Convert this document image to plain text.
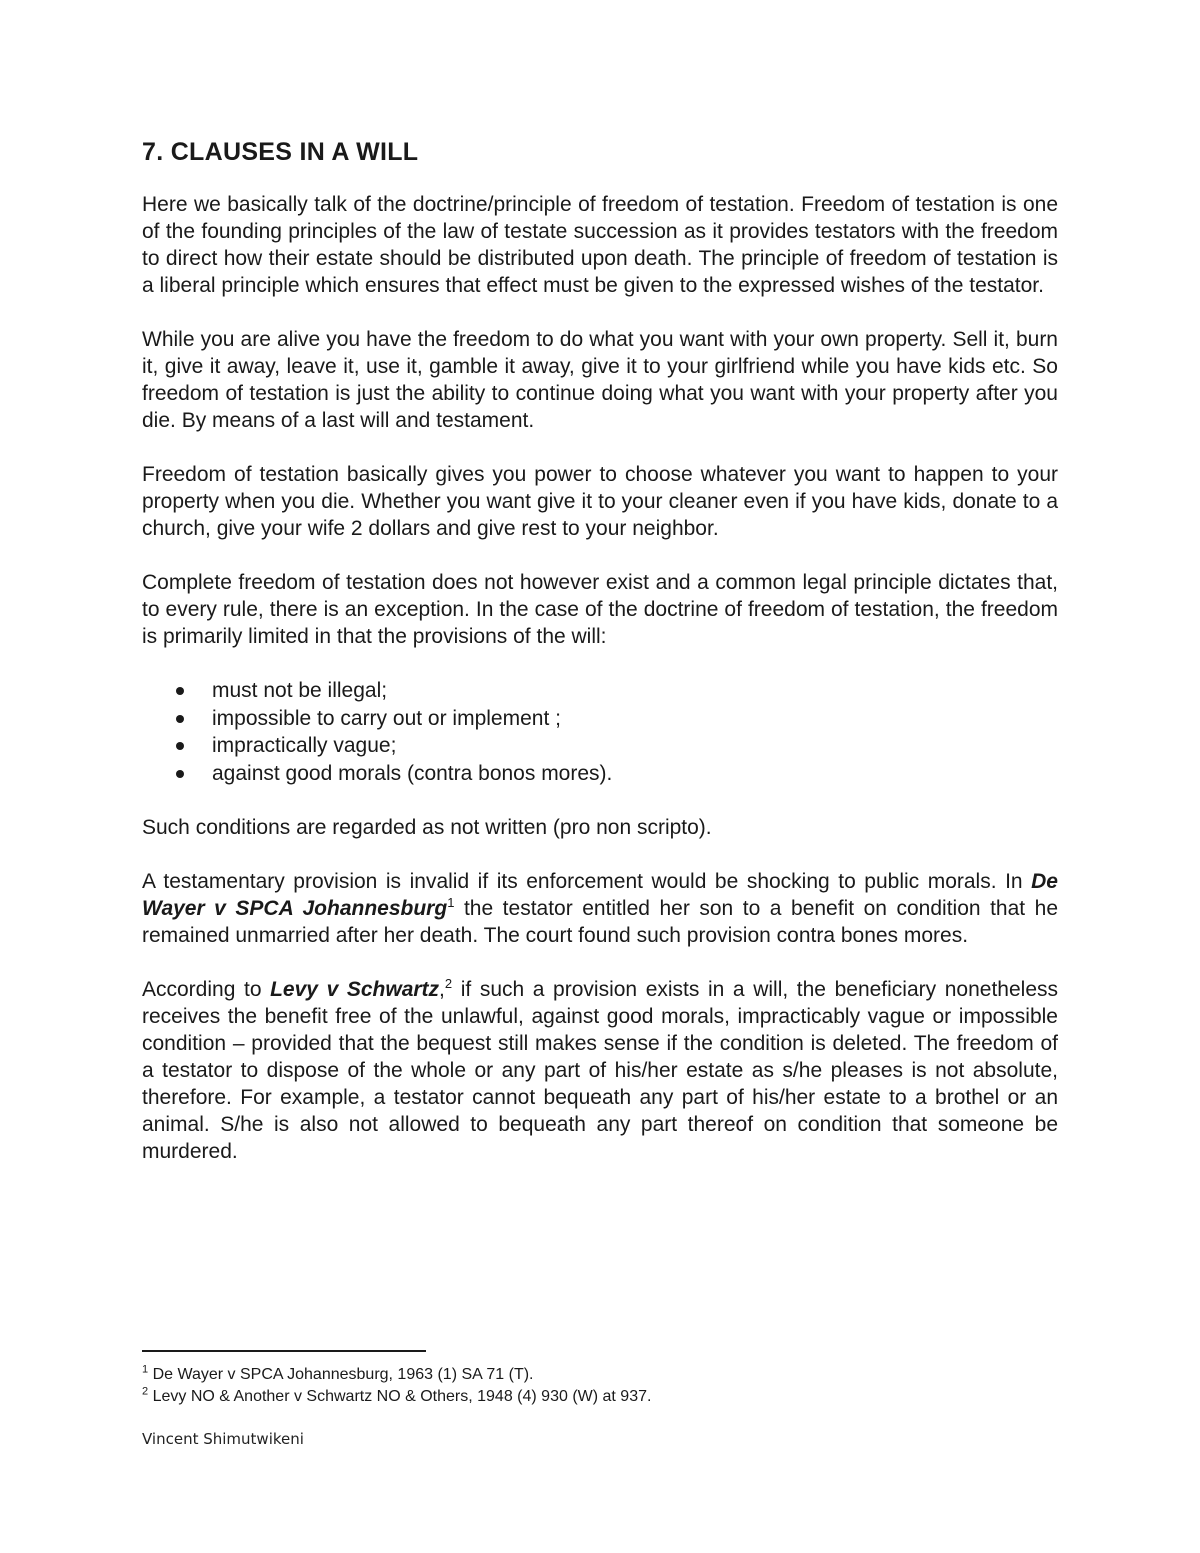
7. CLAUSES IN A WILL

Here we basically talk of the doctrine/principle of freedom of testation. Freedom of testation is one of the founding principles of the law of testate succession as it provides testators with the freedom to direct how their estate should be distributed upon death. The principle of freedom of testation is a liberal principle which ensures that effect must be given to the expressed wishes of the testator.

While you are alive you have the freedom to do what you want with your own property. Sell it, burn it, give it away, leave it, use it, gamble it away, give it to your girlfriend while you have kids etc. So freedom of testation is just the ability to continue doing what you want with your property after you die. By means of a last will and testament.

Freedom of testation basically gives you power to choose whatever you want to happen to your property when you die. Whether you want give it to your cleaner even if you have kids, donate to a church, give your wife 2 dollars and give rest to your neighbor.

Complete freedom of testation does not however exist and a common legal principle dictates that, to every rule, there is an exception. In the case of the doctrine of freedom of testation, the freedom is primarily limited in that the provisions of the will:

must not be illegal;
impossible to carry out or implement ;
impractically vague;
against good morals (contra bonos mores).

Such conditions are regarded as not written (pro non scripto).

A testamentary provision is invalid if its enforcement would be shocking to public morals. In De Wayer v SPCA Johannesburg$^1$ the testator entitled her son to a benefit on condition that he remained unmarried after her death. The court found such provision contra bones mores.

According to Levy v Schwartz,$^2$ if such a provision exists in a will, the beneficiary nonetheless receives the benefit free of the unlawful, against good morals, impracticably vague or impossible condition – provided that the bequest still makes sense if the condition is deleted. The freedom of a testator to dispose of the whole or any part of his/her estate as s/he pleases is not absolute, therefore. For example, a testator cannot bequeath any part of his/her estate to a brothel or an animal. S/he is also not allowed to bequeath any part thereof on condition that someone be murdered.

$^1$ De Wayer v SPCA Johannesburg, 1963 (1) SA 71 (T).
$^2$ Levy NO & Another v Schwartz NO & Others, 1948 (4) 930 (W) at 937.
Vincent Shimutwikeni
